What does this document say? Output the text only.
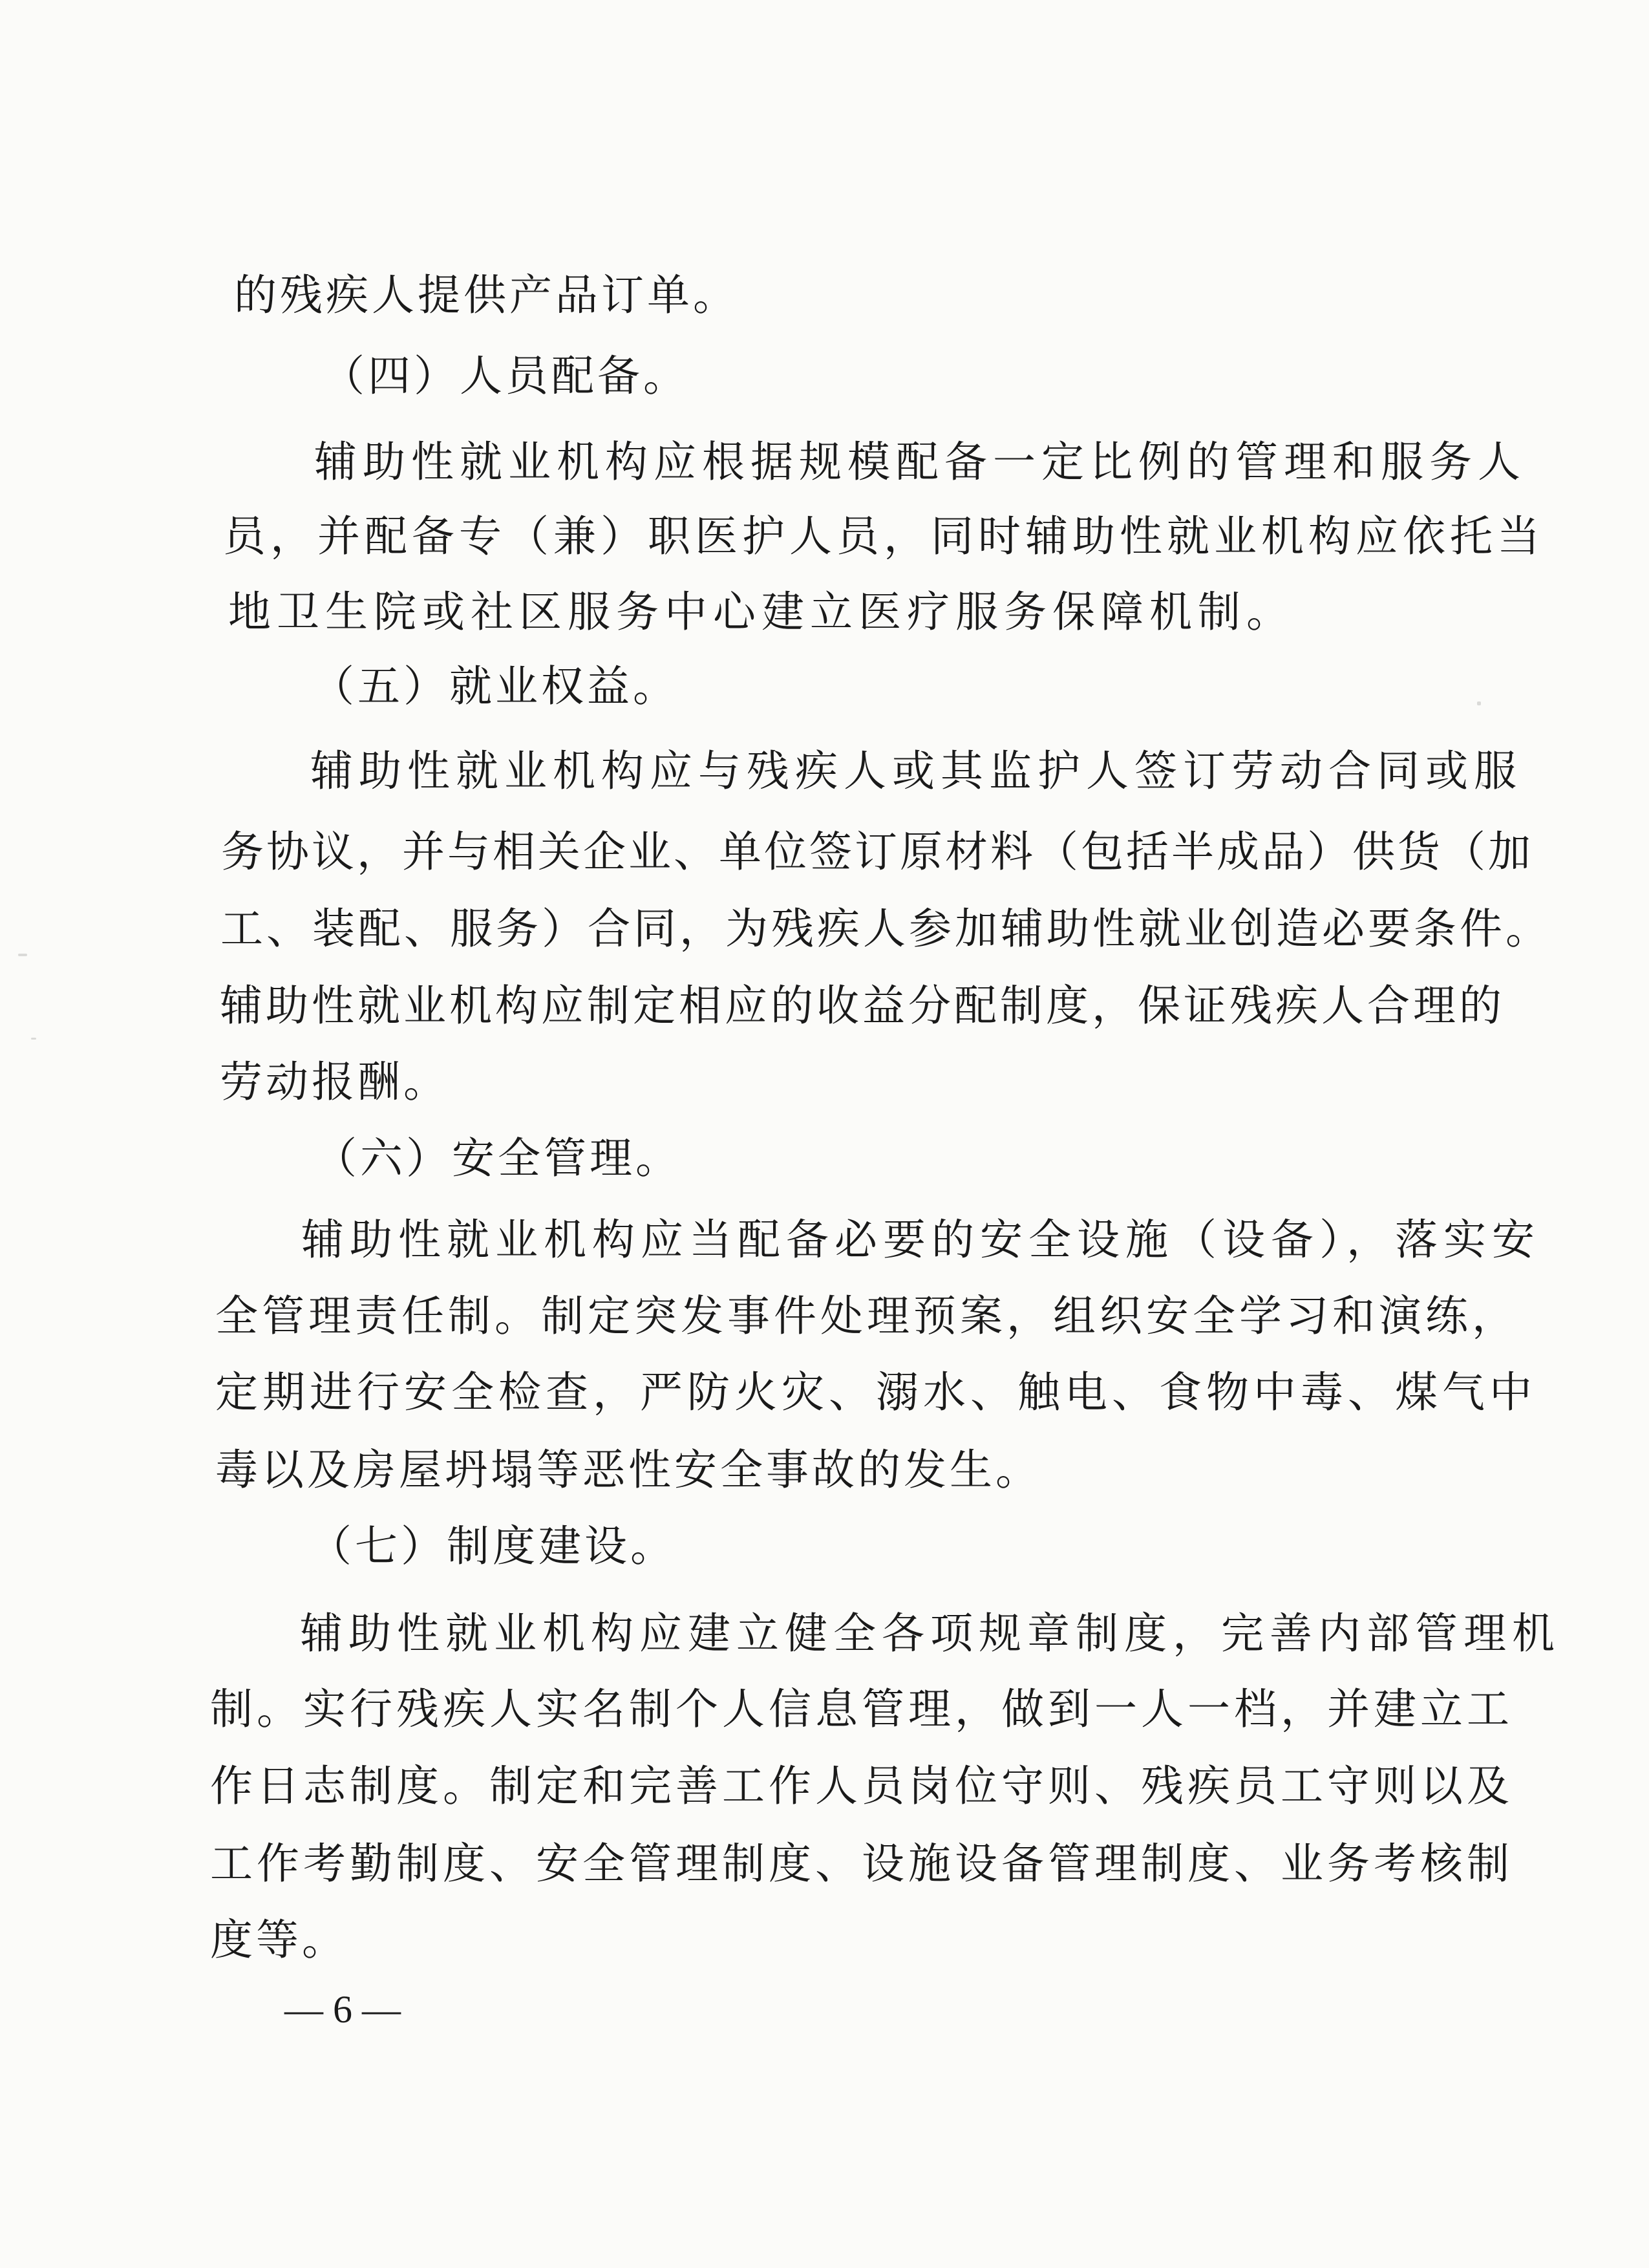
的残疾人提供产品订单。
（四）人员配备。
辅助性就业机构应根据规模配备一定比例的管理和服务人
员，并配备专（兼）职医护人员，同时辅助性就业机构应依托当
地卫生院或社区服务中心建立医疗服务保障机制。
（五）就业权益。
辅助性就业机构应与残疾人或其监护人签订劳动合同或服
务协议，并与相关企业、单位签订原材料（包括半成品）供货（加
工、装配、服务）合同，为残疾人参加辅助性就业创造必要条件。
辅助性就业机构应制定相应的收益分配制度，保证残疾人合理的
劳动报酬。
（六）安全管理。
辅助性就业机构应当配备必要的安全设施（设备），落实安
全管理责任制。制定突发事件处理预案，组织安全学习和演练，
定期进行安全检查，严防火灾、溺水、触电、食物中毒、煤气中
毒以及房屋坍塌等恶性安全事故的发生。
（七）制度建设。
辅助性就业机构应建立健全各项规章制度，完善内部管理机
制。实行残疾人实名制个人信息管理，做到一人一档，并建立工
作日志制度。制定和完善工作人员岗位守则、残疾员工守则以及
工作考勤制度、安全管理制度、设施设备管理制度、业务考核制
度等。
— 6 —
